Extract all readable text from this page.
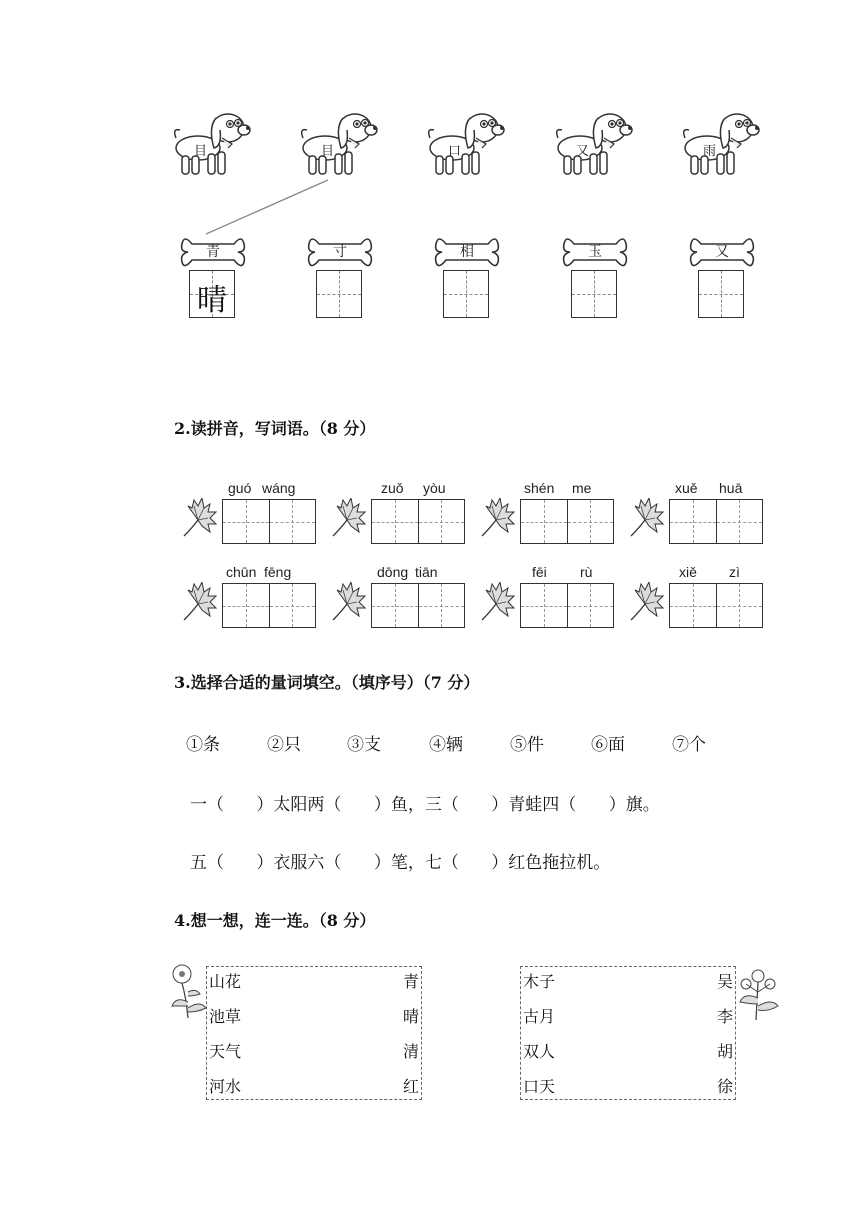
目	目	口	又	雨
青
晴
寸	相	玉	又
2.读拼音，写词语。（8 分）
guó wáng	zuǒ yòu	shén me	xuě huā
chūn fēng	dōng tiān	fēi rù	xiě zì
3.选择合适的量词填空。（填序号）（7 分）
①条	②只	③支	④辆	⑤件	⑥面	⑦个
一（      ）太阳两（      ）鱼，三（      ）青蛙四（      ）旗。
五（      ）衣服六（      ）笔，七（      ）红色拖拉机。
4.想一想，连一连。（8 分）
山花
池草
天气
河水
青
晴
清
红
木子
古月
双人
口天
吴
李
胡
徐
